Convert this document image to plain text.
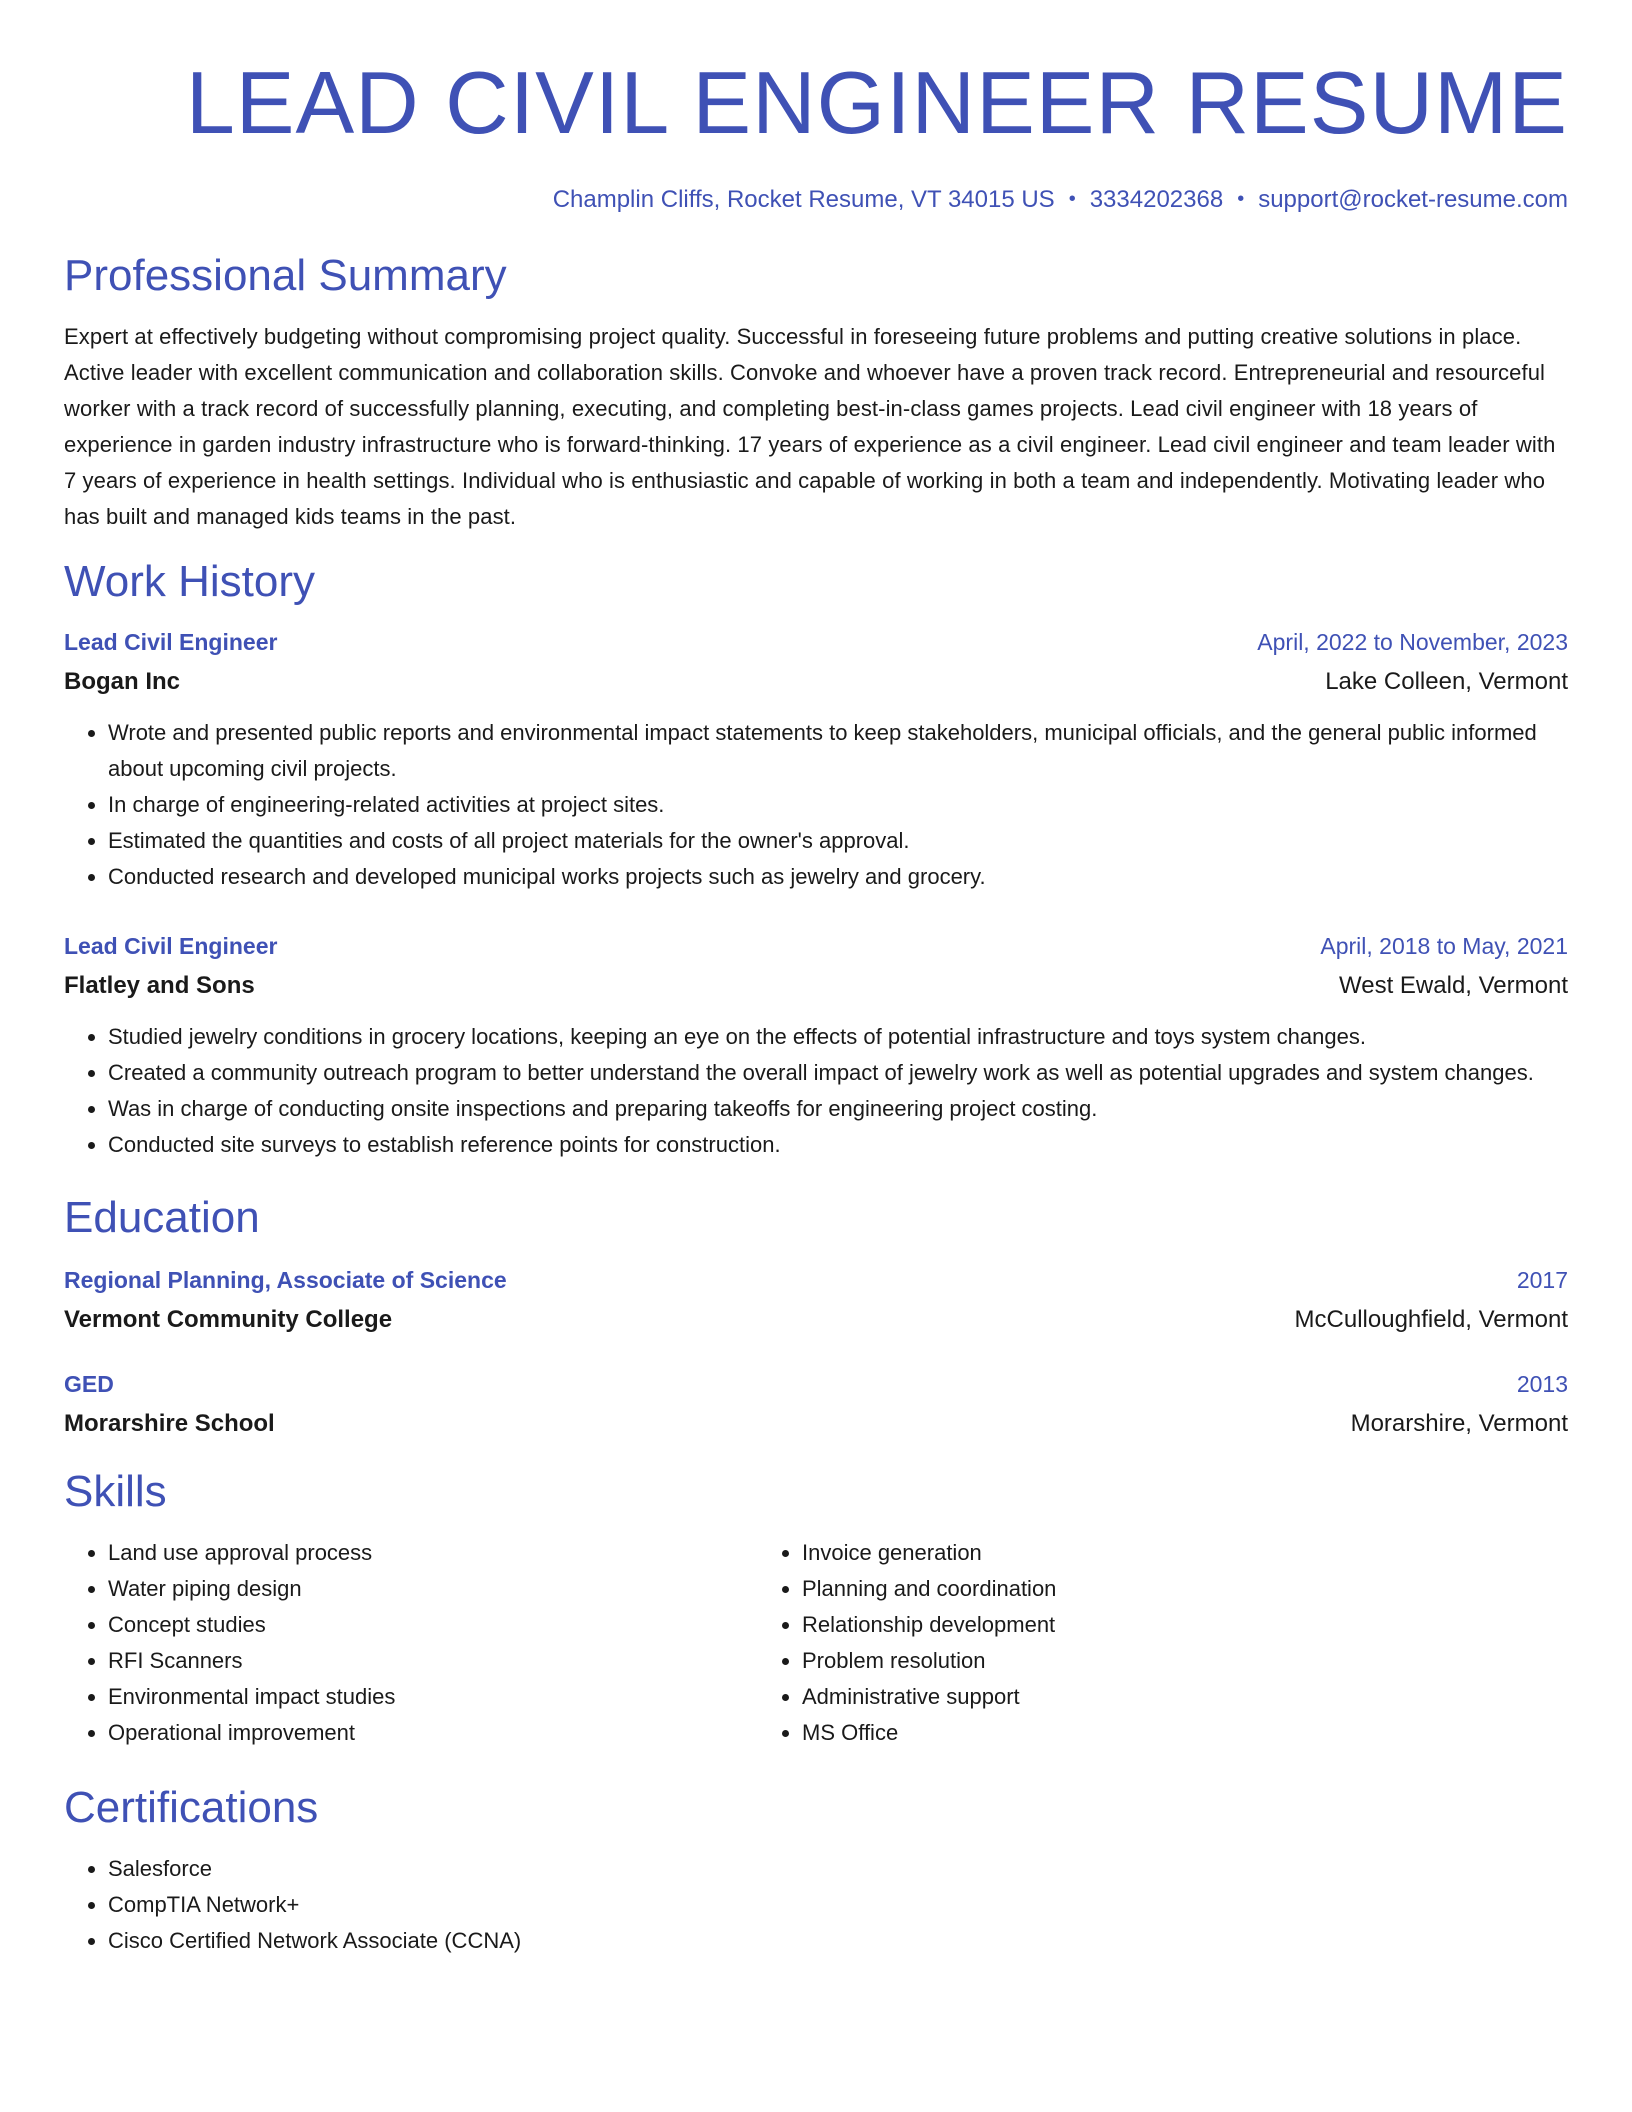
LEAD CIVIL ENGINEER RESUME
Champlin Cliffs, Rocket Resume, VT 34015 US • 3334202368 • support@rocket-resume.com
Professional Summary
Expert at effectively budgeting without compromising project quality. Successful in foreseeing future problems and putting creative solutions in place. Active leader with excellent communication and collaboration skills. Convoke and whoever have a proven track record. Entrepreneurial and resourceful worker with a track record of successfully planning, executing, and completing best-in-class games projects. Lead civil engineer with 18 years of experience in garden industry infrastructure who is forward-thinking. 17 years of experience as a civil engineer. Lead civil engineer and team leader with 7 years of experience in health settings. Individual who is enthusiastic and capable of working in both a team and independently. Motivating leader who has built and managed kids teams in the past.
Work History
Lead Civil Engineer	April, 2022 to November, 2023
Bogan Inc	Lake Colleen, Vermont
• Wrote and presented public reports and environmental impact statements to keep stakeholders, municipal officials, and the general public informed about upcoming civil projects.
• In charge of engineering-related activities at project sites.
• Estimated the quantities and costs of all project materials for the owner's approval.
• Conducted research and developed municipal works projects such as jewelry and grocery.
Lead Civil Engineer	April, 2018 to May, 2021
Flatley and Sons	West Ewald, Vermont
• Studied jewelry conditions in grocery locations, keeping an eye on the effects of potential infrastructure and toys system changes.
• Created a community outreach program to better understand the overall impact of jewelry work as well as potential upgrades and system changes.
• Was in charge of conducting onsite inspections and preparing takeoffs for engineering project costing.
• Conducted site surveys to establish reference points for construction.
Education
Regional Planning, Associate of Science	2017
Vermont Community College	McCulloughfield, Vermont
GED	2013
Morarshire School	Morarshire, Vermont
Skills
• Land use approval process
• Water piping design
• Concept studies
• RFI Scanners
• Environmental impact studies
• Operational improvement
• Invoice generation
• Planning and coordination
• Relationship development
• Problem resolution
• Administrative support
• MS Office
Certifications
• Salesforce
• CompTIA Network+
• Cisco Certified Network Associate (CCNA)
